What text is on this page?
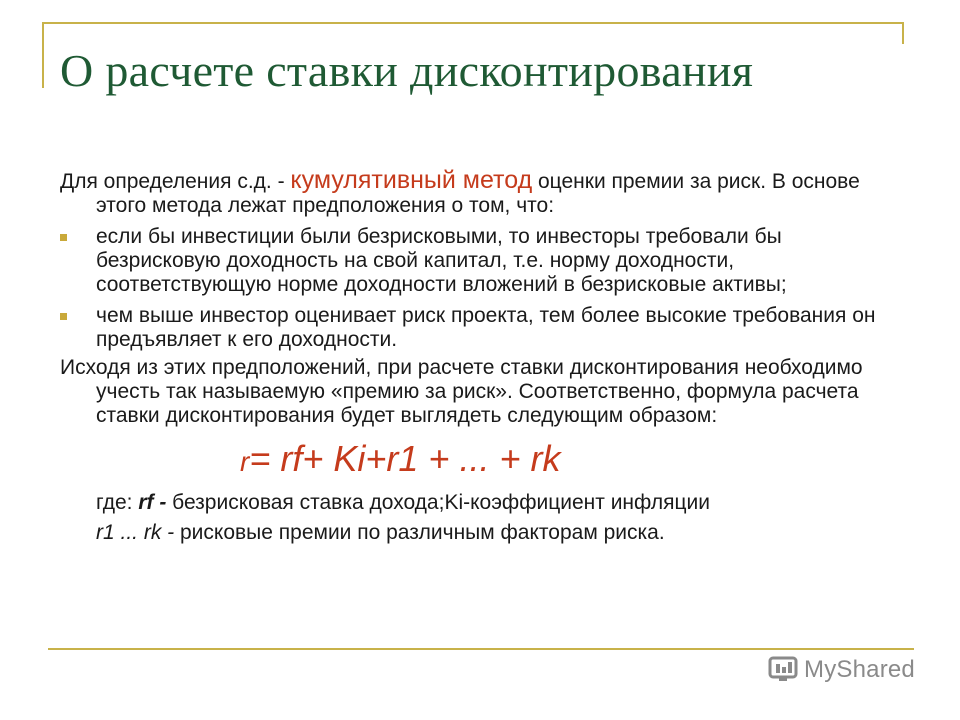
О расчете ставки дисконтирования

Для определения с.д. - кумулятивный метод оценки премии за риск. В основе этого метода лежат предположения о том, что:

если бы инвестиции были безрисковыми, то инвесторы требовали бы безрисковую доходность на свой капитал, т.е. норму доходности, соответствующую норме доходности вложений в безрисковые активы;
чем выше инвестор оценивает риск проекта, тем более высокие требования он предъявляет к его доходности.

Исходя из этих предположений, при расчете ставки дисконтирования необходимо учесть так называемую «премию за риск». Соответственно, формула расчета ставки дисконтирования будет выглядеть следующим образом:

r= rf+ Ki+r1 + ... + rk

где: rf - безрисковая ставка дохода;Ki-коэффициент инфляции

r1 ... rk - рисковые премии по различным факторам риска.

MyShared
